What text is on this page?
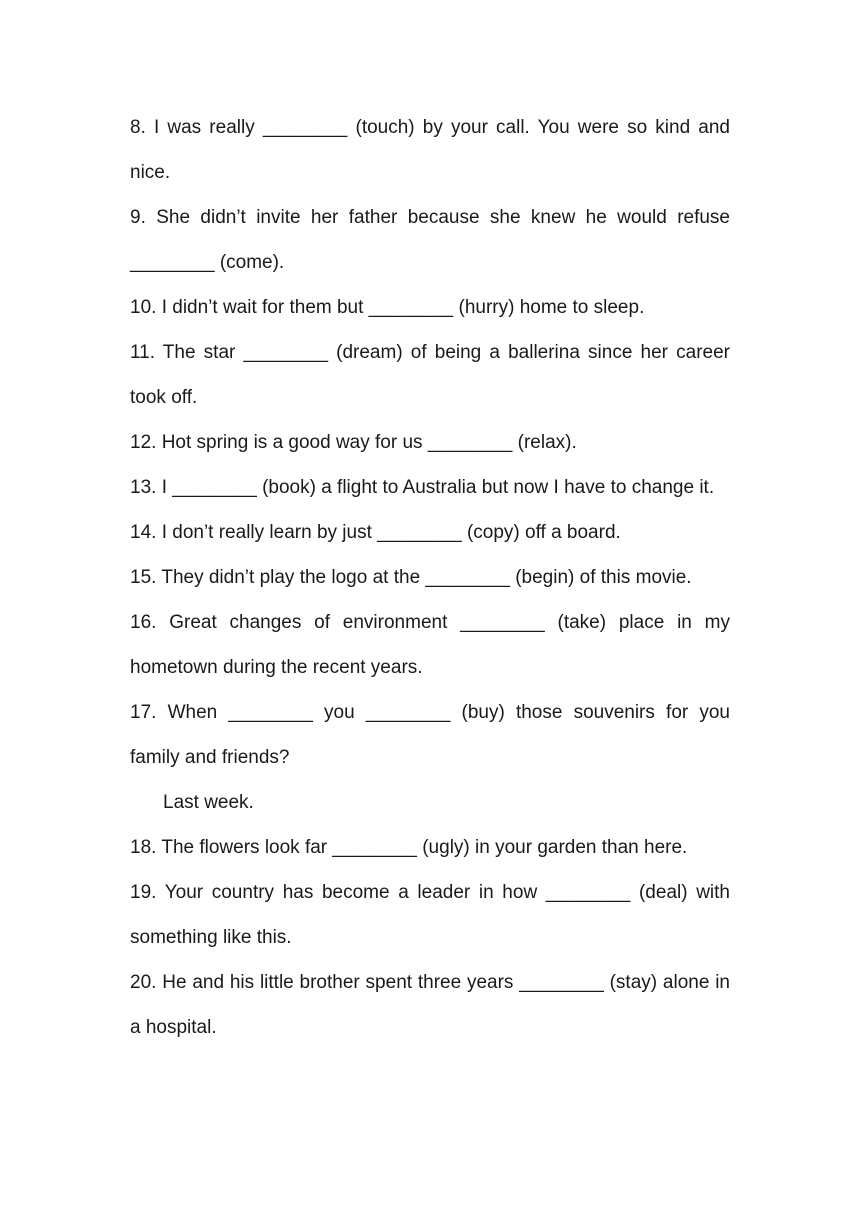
8. I was really ________ (touch) by your call. You were so kind and nice.

9. She didn’t invite her father because she knew he would refuse ________ (come).

10. I didn’t wait for them but ________ (hurry) home to sleep.

11. The star ________ (dream) of being a ballerina since her career took off.

12. Hot spring is a good way for us ________ (relax).

13. I ________ (book) a flight to Australia but now I have to change it.

14. I don’t really learn by just ________ (copy) off a board.

15. They didn’t play the logo at the ________ (begin) of this movie.

16. Great changes of environment ________ (take) place in my hometown during the recent years.

17. When ________ you ________ (buy) those souvenirs for you family and friends?

Last week.

18. The flowers look far ________ (ugly) in your garden than here.

19. Your country has become a leader in how ________ (deal) with something like this.

20. He and his little brother spent three years ________ (stay) alone in a hospital.
